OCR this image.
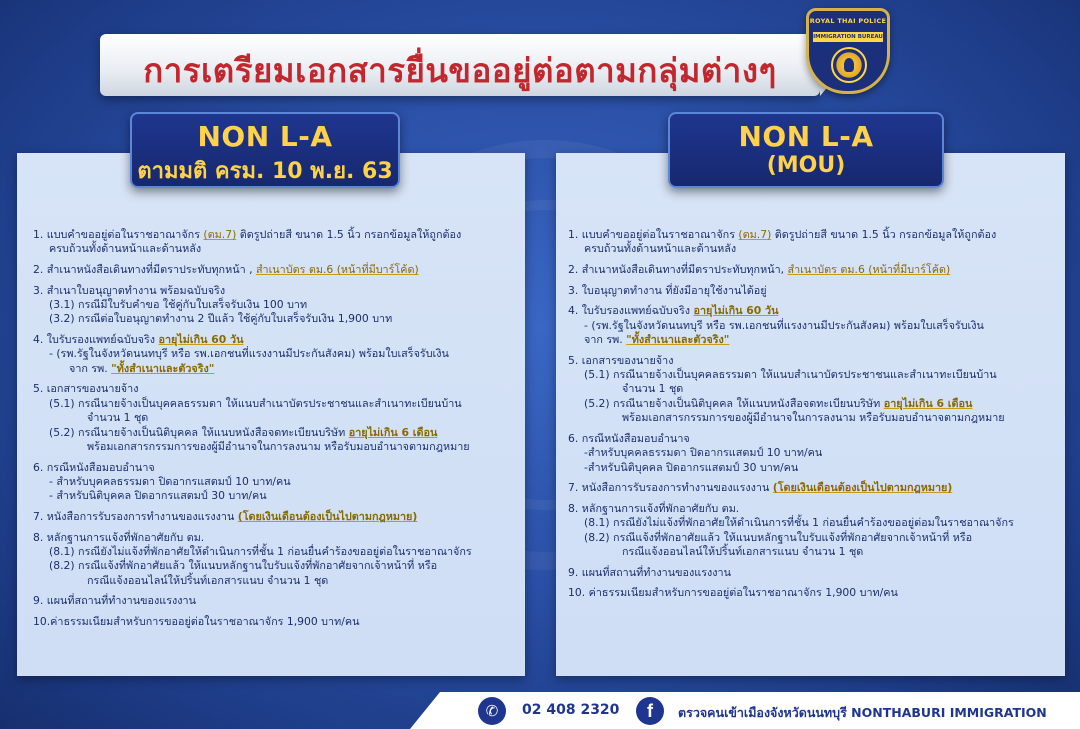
การเตรียมเอกสารยื่นขออยู่ต่อตามกลุ่มต่างๆ
ROYAL THAI POLICE
IMMIGRATION BUREAU
NON L-A
ตามมติ ครม. 10 พ.ย. 63
1. แบบคำขออยู่ต่อในราชอาณาจักร (ตม.7) ติดรูปถ่ายสี ขนาด 1.5 นิ้ว กรอกข้อมูลให้ถูกต้อง
ครบถ้วนทั้งด้านหน้าและด้านหลัง
2. สำเนาหนังสือเดินทางที่มีตราประทับทุกหน้า , สำเนาบัตร ตม.6 (หน้าที่มีบาร์โค้ด)
3. สำเนาใบอนุญาตทำงาน พร้อมฉบับจริง
(3.1) กรณีมีใบรับคำขอ ใช้คู่กับใบเสร็จรับเงิน 100 บาท
(3.2) กรณีต่อใบอนุญาตทำงาน 2 ปีแล้ว ใช้คู่กับใบเสร็จรับเงิน 1,900 บาท
4. ใบรับรองแพทย์ฉบับจริง อายุไม่เกิน 60 วัน
- (รพ.รัฐในจังหวัดนนทบุรี หรือ รพ.เอกชนที่แรงงานมีประกันสังคม) พร้อมใบเสร็จรับเงิน
จาก รพ. "ทั้งสำเนาและตัวจริง"
5. เอกสารของนายจ้าง
(5.1) กรณีนายจ้างเป็นบุคคลธรรมดา ให้แนบสำเนาบัตรประชาชนและสำเนาทะเบียนบ้าน
จำนวน 1 ชุด
(5.2) กรณีนายจ้างเป็นนิติบุคคล ให้แนบหนังสือจดทะเบียนบริษัท อายุไม่เกิน 6 เดือน
พร้อมเอกสารกรรมการของผู้มีอำนาจในการลงนาม หรือรับมอบอำนาจตามกฎหมาย
6. กรณีหนังสือมอบอำนาจ
- สำหรับบุคคลธรรมดา ปิดอากรแสตมป์ 10 บาท/คน
- สำหรับนิติบุคคล ปิดอากรแสตมป์ 30 บาท/คน
7. หนังสือการรับรองการทำงานของแรงงาน (โดยเงินเดือนต้องเป็นไปตามกฎหมาย)
8. หลักฐานการแจ้งที่พักอาศัยกับ ตม.
(8.1) กรณียังไม่แจ้งที่พักอาศัยให้ดำเนินการที่ชั้น 1 ก่อนยื่นคำร้องขออยู่ต่อในราชอาณาจักร
(8.2) กรณีแจ้งที่พักอาศัยแล้ว ให้แนบหลักฐานใบรับแจ้งที่พักอาศัยจากเจ้าหน้าที่ หรือ
กรณีแจ้งออนไลน์ให้ปริ้นท์เอกสารแนบ จำนวน 1 ชุด
9. แผนที่สถานที่ทำงานของแรงงาน
10.ค่าธรรมเนียมสำหรับการขออยู่ต่อในราชอาณาจักร 1,900 บาท/คน
NON L-A
(MOU)
1. แบบคำขออยู่ต่อในราชอาณาจักร (ตม.7) ติดรูปถ่ายสี ขนาด 1.5 นิ้ว กรอกข้อมูลให้ถูกต้อง
ครบถ้วนทั้งด้านหน้าและด้านหลัง
2. สำเนาหนังสือเดินทางที่มีตราประทับทุกหน้า, สำเนาบัตร ตม.6 (หน้าที่มีบาร์โค้ด)
3. ใบอนุญาตทำงาน ที่ยังมีอายุใช้งานได้อยู่
4. ใบรับรองแพทย์ฉบับจริง อายุไม่เกิน 60 วัน
- (รพ.รัฐในจังหวัดนนทบุรี หรือ รพ.เอกชนที่แรงงานมีประกันสังคม) พร้อมใบเสร็จรับเงิน
จาก รพ. "ทั้งสำเนาและตัวจริง"
5. เอกสารของนายจ้าง
(5.1) กรณีนายจ้างเป็นบุคคลธรรมดา ให้แนบสำเนาบัตรประชาชนและสำเนาทะเบียนบ้าน
จำนวน 1 ชุด
(5.2) กรณีนายจ้างเป็นนิติบุคคล ให้แนบหนังสือจดทะเบียนบริษัท อายุไม่เกิน 6 เดือน
พร้อมเอกสารกรรมการของผู้มีอำนาจในการลงนาม หรือรับมอบอำนาจตามกฎหมาย
6. กรณีหนังสือมอบอำนาจ
-สำหรับบุคคลธรรมดา ปิดอากรแสตมป์ 10 บาท/คน
-สำหรับนิติบุคคล ปิดอากรแสตมป์ 30 บาท/คน
7. หนังสือการรับรองการทำงานของแรงงาน (โดยเงินเดือนต้องเป็นไปตามกฎหมาย)
8. หลักฐานการแจ้งที่พักอาศัยกับ ตม.
(8.1) กรณียังไม่แจ้งที่พักอาศัยให้ดำเนินการที่ชั้น 1 ก่อนยื่นคำร้องขออยู่ต่อมในราชอาณาจักร
(8.2) กรณีแจ้งที่พักอาศัยแล้ว ให้แนบหลักฐานใบรับแจ้งที่พักอาศัยจากเจ้าหน้าที่ หรือ
กรณีแจ้งออนไลน์ให้ปริ้นท์เอกสารแนบ จำนวน 1 ชุด
9. แผนที่สถานที่ทำงานของแรงงาน
10. ค่าธรรมเนียมสำหรับการขออยู่ต่อในราชอาณาจักร 1,900 บาท/คน
✆	02 408 2320	f	ตรวจคนเข้าเมืองจังหวัดนนทบุรี NONTHABURI IMMIGRATION
